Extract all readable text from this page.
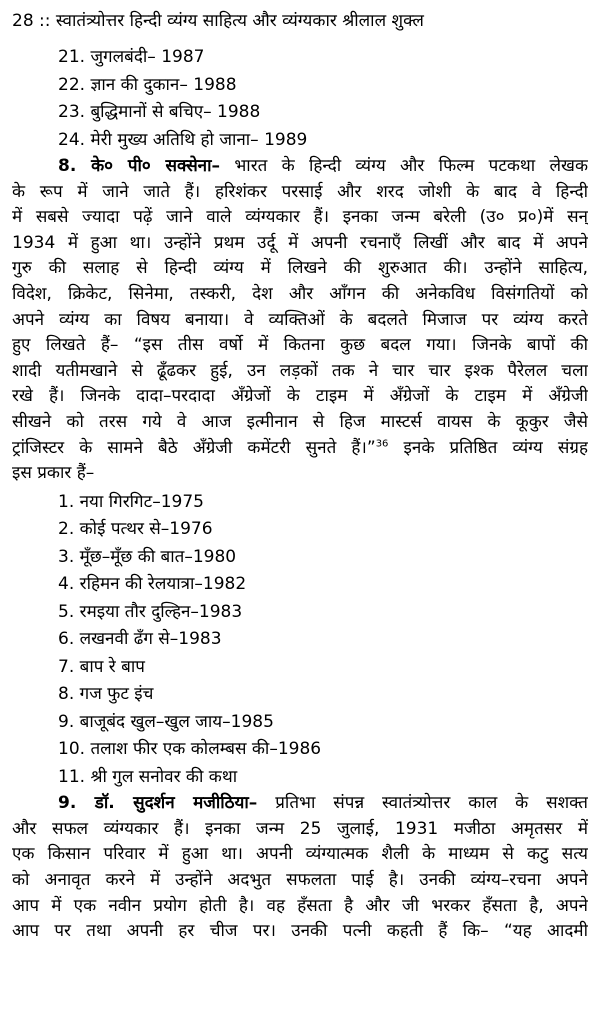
28 :: स्वातंत्र्योत्तर हिन्दी व्यंग्य साहित्य और व्यंग्यकार श्रीलाल शुक्ल
21. जुगलबंदी– 1987
22. ज्ञान की दुकान– 1988
23. बुद्धिमानों से बचिए– 1988
24. मेरी मुख्य अतिथि हो जाना– 1989
8. के० पी० सक्सेना– भारत के हिन्दी व्यंग्य और फिल्म पटकथा लेखक
के रूप में जाने जाते हैं। हरिशंकर परसाई और शरद जोशी के बाद वे हिन्दी
में सबसे ज्यादा पढ़ें जाने वाले व्यंग्यकार हैं। इनका जन्म बरेली (उ० प्र०)में सन्
1934 में हुआ था। उन्होंने प्रथम उर्दू में अपनी रचनाएँ लिखीं और बाद में अपने
गुरु की सलाह से हिन्दी व्यंग्य में लिखने की शुरुआत की। उन्होंने साहित्य,
विदेश, क्रिकेट, सिनेमा, तस्करी, देश और आँगन की अनेकविध विसंगतियों को
अपने व्यंग्य का विषय बनाया। वे व्यक्तिओं के बदलते मिजाज पर व्यंग्य करते
हुए लिखते हैं– “इस तीस वर्षो में कितना कुछ बदल गया। जिनके बापों की
शादी यतीमखाने से ढूँढकर हुई, उन लड़कों तक ने चार चार इश्क पैरेलल चला
रखे हैं। जिनके दादा–परदादा अँग्रेजों के टाइम में अँग्रेजों के टाइम में अँग्रेजी
सीखने को तरस गये वे आज इत्मीनान से हिज मास्टर्स वायस के कूकुर जैसे
ट्रांजिस्टर के सामने बैठे अँग्रेजी कमेंटरी सुनते हैं।”$^{36}$ इनके प्रतिष्ठित व्यंग्य संग्रह
इस प्रकार हैं–
1. नया गिरगिट–1975
2. कोई पत्थर से–1976
3. मूँछ–मूँछ की बात–1980
4. रहिमन की रेलयात्रा–1982
5. रमइया तौर दुल्हिन–1983
6. लखनवी ढँग से–1983
7. बाप रे बाप
8. गज फुट इंच
9. बाजूबंद खुल–खुल जाय–1985
10. तलाश फीर एक कोलम्बस की–1986
11. श्री गुल सनोवर की कथा
9. डॉ. सुदर्शन मजीठिया– प्रतिभा संपन्न स्वातंत्र्योत्तर काल के सशक्त
और सफल व्यंग्यकार हैं। इनका जन्म 25 जुलाई, 1931 मजीठा अमृतसर में
एक किसान परिवार में हुआ था। अपनी व्यंग्यात्मक शैली के माध्यम से कटु सत्य
को अनावृत करने में उन्होंने अदभुत सफलता पाई है। उनकी व्यंग्य–रचना अपने
आप में एक नवीन प्रयोग होती है। वह हँसता है और जी भरकर हँसता है, अपने
आप पर तथा अपनी हर चीज पर। उनकी पत्नी कहती हैं कि– “यह आदमी
